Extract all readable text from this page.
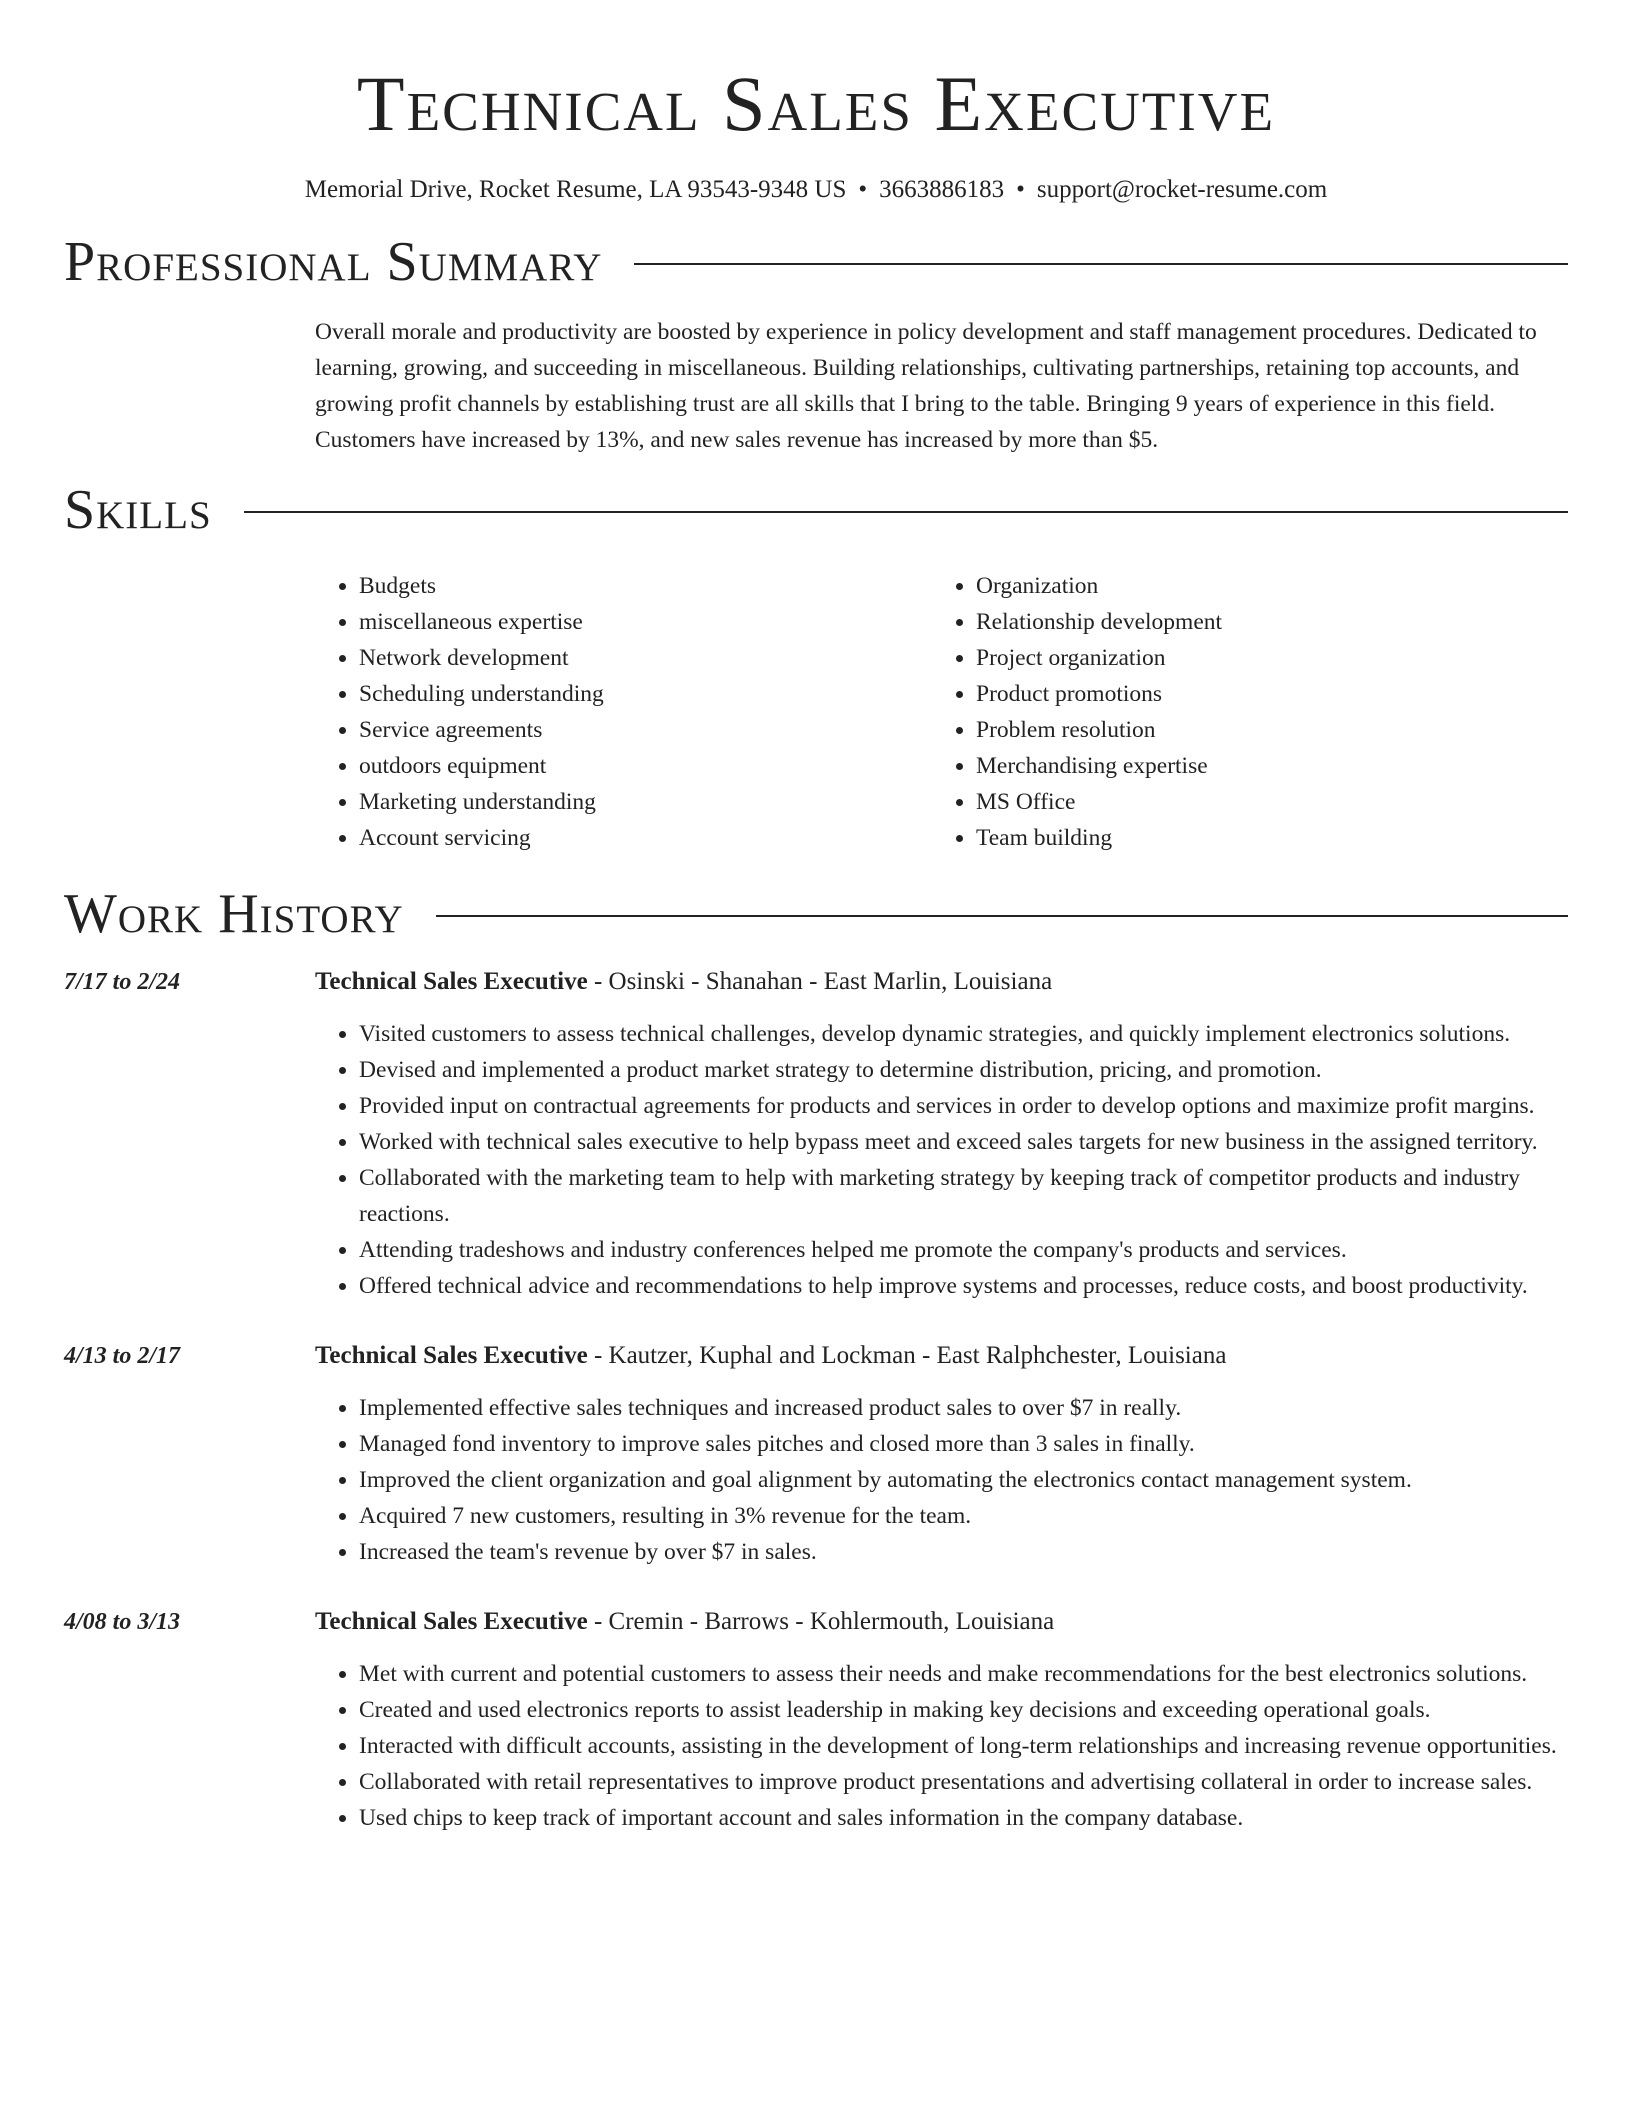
Technical Sales Executive
Memorial Drive, Rocket Resume, LA 93543-9348 US • 3663886183 • support@rocket-resume.com
Professional Summary
Overall morale and productivity are boosted by experience in policy development and staff management procedures. Dedicated to learning, growing, and succeeding in miscellaneous. Building relationships, cultivating partnerships, retaining top accounts, and growing profit channels by establishing trust are all skills that I bring to the table. Bringing 9 years of experience in this field. Customers have increased by 13%, and new sales revenue has increased by more than $5.
Skills
• Budgets
• miscellaneous expertise
• Network development
• Scheduling understanding
• Service agreements
• outdoors equipment
• Marketing understanding
• Account servicing
• Organization
• Relationship development
• Project organization
• Product promotions
• Problem resolution
• Merchandising expertise
• MS Office
• Team building
Work History
7/17 to 2/24	Technical Sales Executive - Osinski - Shanahan - East Marlin, Louisiana
• Visited customers to assess technical challenges, develop dynamic strategies, and quickly implement electronics solutions.
• Devised and implemented a product market strategy to determine distribution, pricing, and promotion.
• Provided input on contractual agreements for products and services in order to develop options and maximize profit margins.
• Worked with technical sales executive to help bypass meet and exceed sales targets for new business in the assigned territory.
• Collaborated with the marketing team to help with marketing strategy by keeping track of competitor products and industry reactions.
• Attending tradeshows and industry conferences helped me promote the company's products and services.
• Offered technical advice and recommendations to help improve systems and processes, reduce costs, and boost productivity.
4/13 to 2/17	Technical Sales Executive - Kautzer, Kuphal and Lockman - East Ralphchester, Louisiana
• Implemented effective sales techniques and increased product sales to over $7 in really.
• Managed fond inventory to improve sales pitches and closed more than 3 sales in finally.
• Improved the client organization and goal alignment by automating the electronics contact management system.
• Acquired 7 new customers, resulting in 3% revenue for the team.
• Increased the team's revenue by over $7 in sales.
4/08 to 3/13	Technical Sales Executive - Cremin - Barrows - Kohlermouth, Louisiana
• Met with current and potential customers to assess their needs and make recommendations for the best electronics solutions.
• Created and used electronics reports to assist leadership in making key decisions and exceeding operational goals.
• Interacted with difficult accounts, assisting in the development of long-term relationships and increasing revenue opportunities.
• Collaborated with retail representatives to improve product presentations and advertising collateral in order to increase sales.
• Used chips to keep track of important account and sales information in the company database.
